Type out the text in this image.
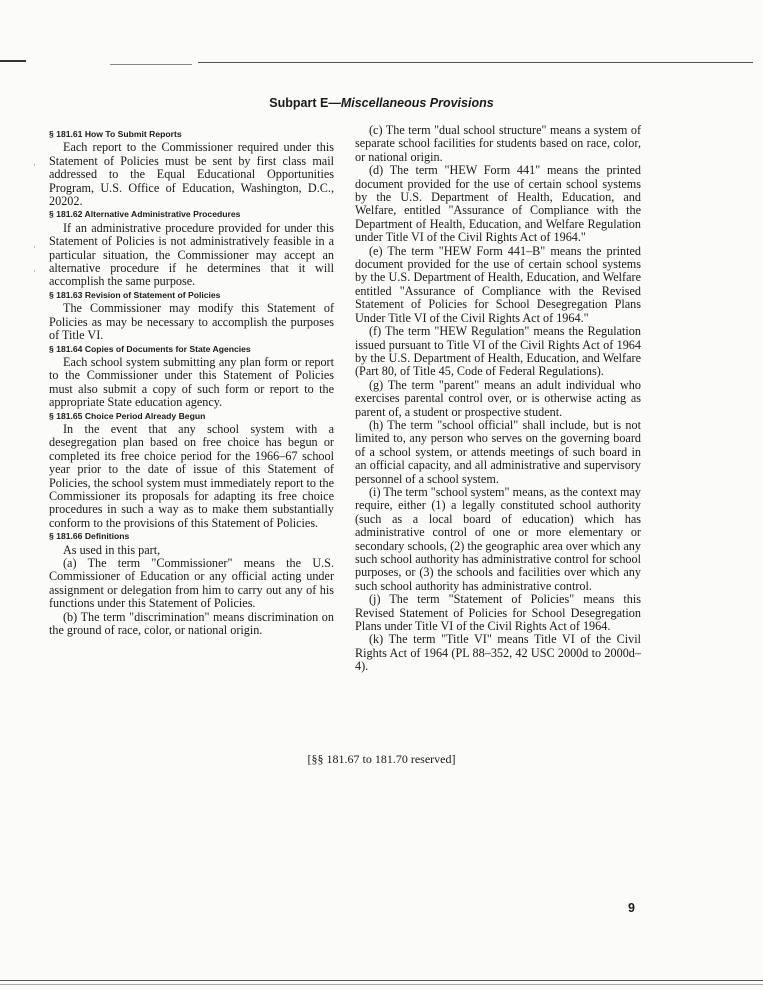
·
·
·
Subpart E—Miscellaneous Provisions

§ 181.61 How To Submit Reports

Each report to the Commissioner required under this Statement of Policies must be sent by first class mail addressed to the Equal Educational Opportunities Program, U.S. Office of Education, Washington, D.C., 20202.

§ 181.62 Alternative Administrative Procedures

If an administrative procedure provided for under this Statement of Policies is not administratively feasible in a particular situation, the Commissioner may accept an alternative procedure if he determines that it will accomplish the same purpose.

§ 181.63 Revision of Statement of Policies

The Commissioner may modify this Statement of Policies as may be necessary to accomplish the purposes of Title VI.

§ 181.64 Copies of Documents for State Agencies

Each school system submitting any plan form or report to the Commissioner under this Statement of Policies must also submit a copy of such form or report to the appropriate State education agency.

§ 181.65 Choice Period Already Begun

In the event that any school system with a desegregation plan based on free choice has begun or completed its free choice period for the 1966–67 school year prior to the date of issue of this Statement of Policies, the school system must immediately report to the Commissioner its proposals for adapting its free choice procedures in such a way as to make them substantially conform to the provisions of this Statement of Policies.

§ 181.66 Definitions

As used in this part,

(a) The term "Commissioner" means the U.S. Commissioner of Education or any official acting under assignment or delegation from him to carry out any of his functions under this Statement of Policies.

(b) The term "discrimination" means discrimination on the ground of race, color, or national origin.

(c) The term "dual school structure" means a system of separate school facilities for students based on race, color, or national origin.

(d) The term "HEW Form 441" means the printed document provided for the use of certain school systems by the U.S. Department of Health, Education, and Welfare, entitled "Assurance of Compliance with the Department of Health, Education, and Welfare Regulation under Title VI of the Civil Rights Act of 1964."

(e) The term "HEW Form 441–B" means the printed document provided for the use of certain school systems by the U.S. Department of Health, Education, and Welfare entitled "Assurance of Compliance with the Revised Statement of Policies for School Desegregation Plans Under Title VI of the Civil Rights Act of 1964."

(f) The term "HEW Regulation" means the Regulation issued pursuant to Title VI of the Civil Rights Act of 1964 by the U.S. Department of Health, Education, and Welfare (Part 80, of Title 45, Code of Federal Regulations).

(g) The term "parent" means an adult individual who exercises parental control over, or is otherwise acting as parent of, a student or prospective student.

(h) The term "school official" shall include, but is not limited to, any person who serves on the governing board of a school system, or attends meetings of such board in an official capacity, and all administrative and supervisory personnel of a school system.

(i) The term "school system" means, as the context may require, either (1) a legally constituted school authority (such as a local board of education) which has administrative control of one or more elementary or secondary schools, (2) the geographic area over which any such school authority has administrative control for school purposes, or (3) the schools and facilities over which any such school authority has administrative control.

(j) The term "Statement of Policies" means this Revised Statement of Policies for School Desegregation Plans under Title VI of the Civil Rights Act of 1964.

(k) The term "Title VI" means Title VI of the Civil Rights Act of 1964 (PL 88–352, 42 USC 2000d to 2000d–4).

[§§ 181.67 to 181.70 reserved]
9
